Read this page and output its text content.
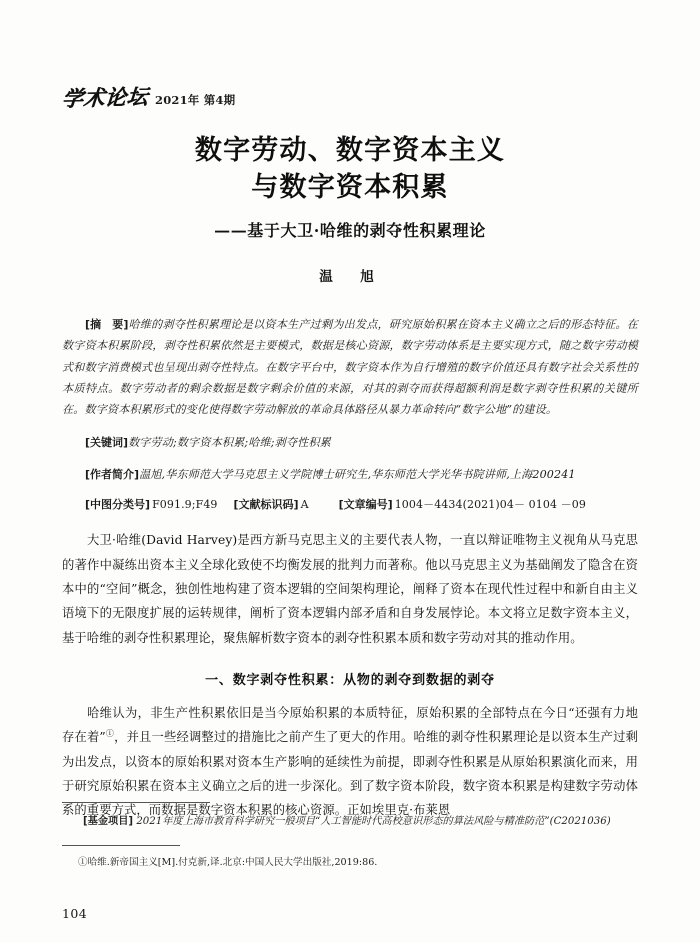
学术论坛 2021年 第4期
数字劳动、数字资本主义
与数字资本积累
——基于大卫·哈维的剥夺性积累理论
温　旭

[摘　要]哈维的剥夺性积累理论是以资本生产过剩为出发点，研究原始积累在资本主义确立之后的形态特征。在数字资本积累阶段，剥夺性积累依然是主要模式，数据是核心资源，数字劳动体系是主要实现方式，随之数字劳动模式和数字消费模式也呈现出剥夺性特点。在数字平台中，数字资本作为自行增殖的数字价值还具有数字社会关系性的本质特点。数字劳动者的剩余数据是数字剩余价值的来源，对其的剥夺而获得超额利润是数字剥夺性积累的关键所在。数字资本积累形式的变化使得数字劳动解放的革命具体路径从暴力革命转向“数字公地”的建设。

[关键词]数字劳动;数字资本积累;哈维;剥夺性积累

[作者简介]温旭,华东师范大学马克思主义学院博士研究生,华东师范大学光华书院讲师,上海200241

[中图分类号] F091.9;F49 [文献标识码] A	[文章编号] 1004－4434(2021)04－ 0104 －09

大卫·哈维(David Harvey)是西方新马克思主义的主要代表人物，一直以辩证唯物主义视角从马克思的著作中凝练出资本主义全球化致使不均衡发展的批判力而著称。他以马克思主义为基础阐发了隐含在资本中的“空间”概念，独创性地构建了资本逻辑的空间架构理论，阐释了资本在现代性过程中和新自由主义语境下的无限度扩展的运转规律，阐析了资本逻辑内部矛盾和自身发展悖论。本文将立足数字资本主义，基于哈维的剥夺性积累理论，聚焦解析数字资本的剥夺性积累本质和数字劳动对其的推动作用。

一、数字剥夺性积累：从物的剥夺到数据的剥夺

哈维认为，非生产性积累依旧是当今原始积累的本质特征，原始积累的全部特点在今日“还强有力地存在着”①，并且一些经调整过的措施比之前产生了更大的作用。哈维的剥夺性积累理论是以资本生产过剩为出发点，以资本的原始积累对资本生产影响的延续性为前提，即剥夺性积累是从原始积累演化而来，用于研究原始积累在资本主义确立之后的进一步深化。到了数字资本阶段，数字资本积累是构建数字劳动体系的重要方式，而数据是数字资本积累的核心资源。正如埃里克·布莱恩

[基金项目] 2021年度上海市教育科学研究一般项目“人工智能时代高校意识形态的算法风险与精准防范”(C2021036)

①哈维.新帝国主义[M].付克新,译.北京:中国人民大学出版社,2019:86.

104
